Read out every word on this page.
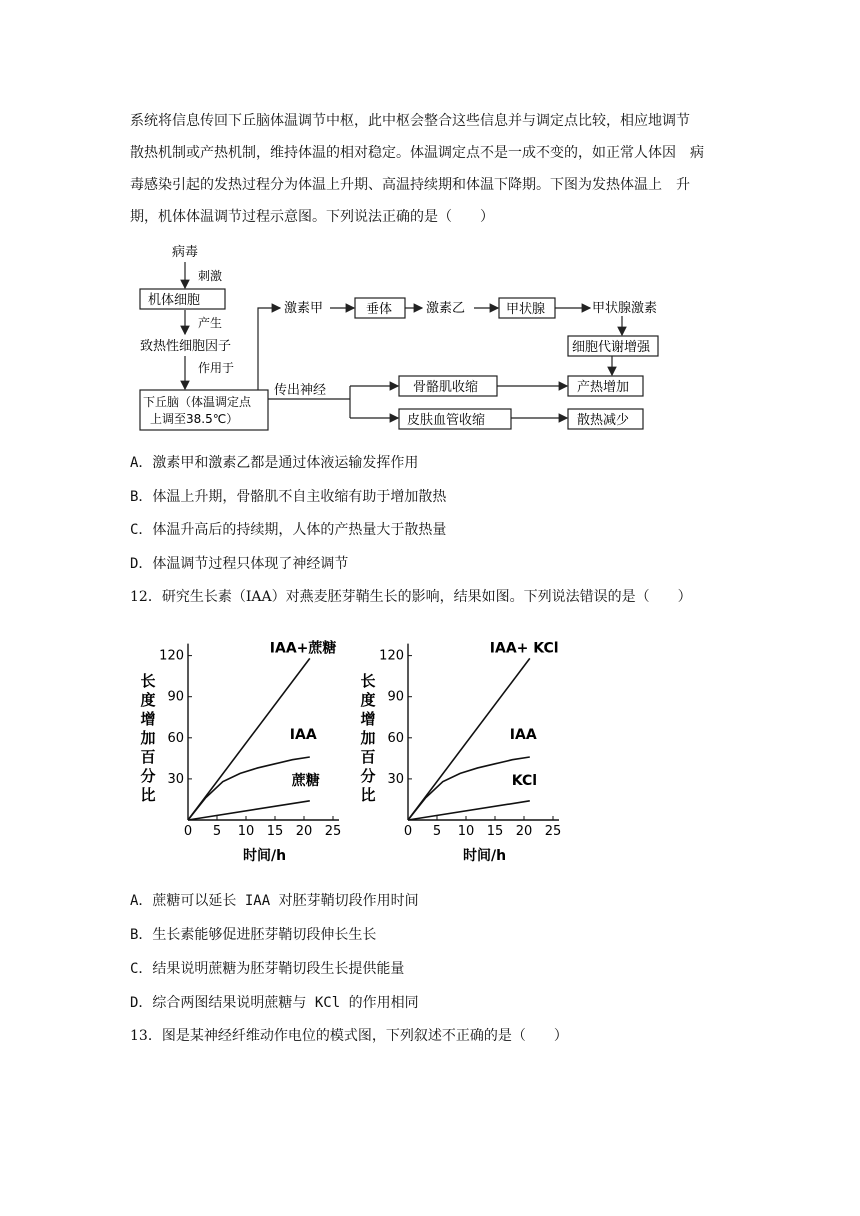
系统将信息传回下丘脑体温调节中枢，此中枢会整合这些信息并与调定点比较，相应地调节
散热机制或产热机制，维持体温的相对稳定。体温调定点不是一成不变的，如正常人体因　病
毒感染引起的发热过程分为体温上升期、高温持续期和体温下降期。下图为发热体温上　升
期，机体体温调节过程示意图。下列说法正确的是（　　）
病毒
刺激
机体细胞
产生
致热性细胞因子
作用于
下丘脑（体温调定点
上调至38.5℃）
激素甲	垂体	激素乙	甲状腺	甲状腺激素
细胞代谢增强
传出神经	骨骼肌收缩
皮肤血管收缩
产热增加
散热减少
A．激素甲和激素乙都是通过体液运输发挥作用
B．体温上升期，骨骼肌不自主收缩有助于增加散热
C．体温升高后的持续期，人体的产热量大于散热量
D．体温调节过程只体现了神经调节
12．研究生长素（IAA）对燕麦胚芽鞘生长的影响，结果如图。下列说法错误的是（　　）
0 5 10 15 20 25
30
60
90
120
长
度
增
加
百
分
比
时间/h
IAA+蔗糖
IAA
蔗糖
0 5 10 15 20 25
30
60
90
120
长
度
增
加
百
分
比
时间/h
IAA+ KCl
IAA
KCl
A．蔗糖可以延长 IAA 对胚芽鞘切段作用时间
B．生长素能够促进胚芽鞘切段伸长生长
C．结果说明蔗糖为胚芽鞘切段生长提供能量
D．综合两图结果说明蔗糖与 KCl 的作用相同
13．图是某神经纤维动作电位的模式图，下列叙述不正确的是（　　）
